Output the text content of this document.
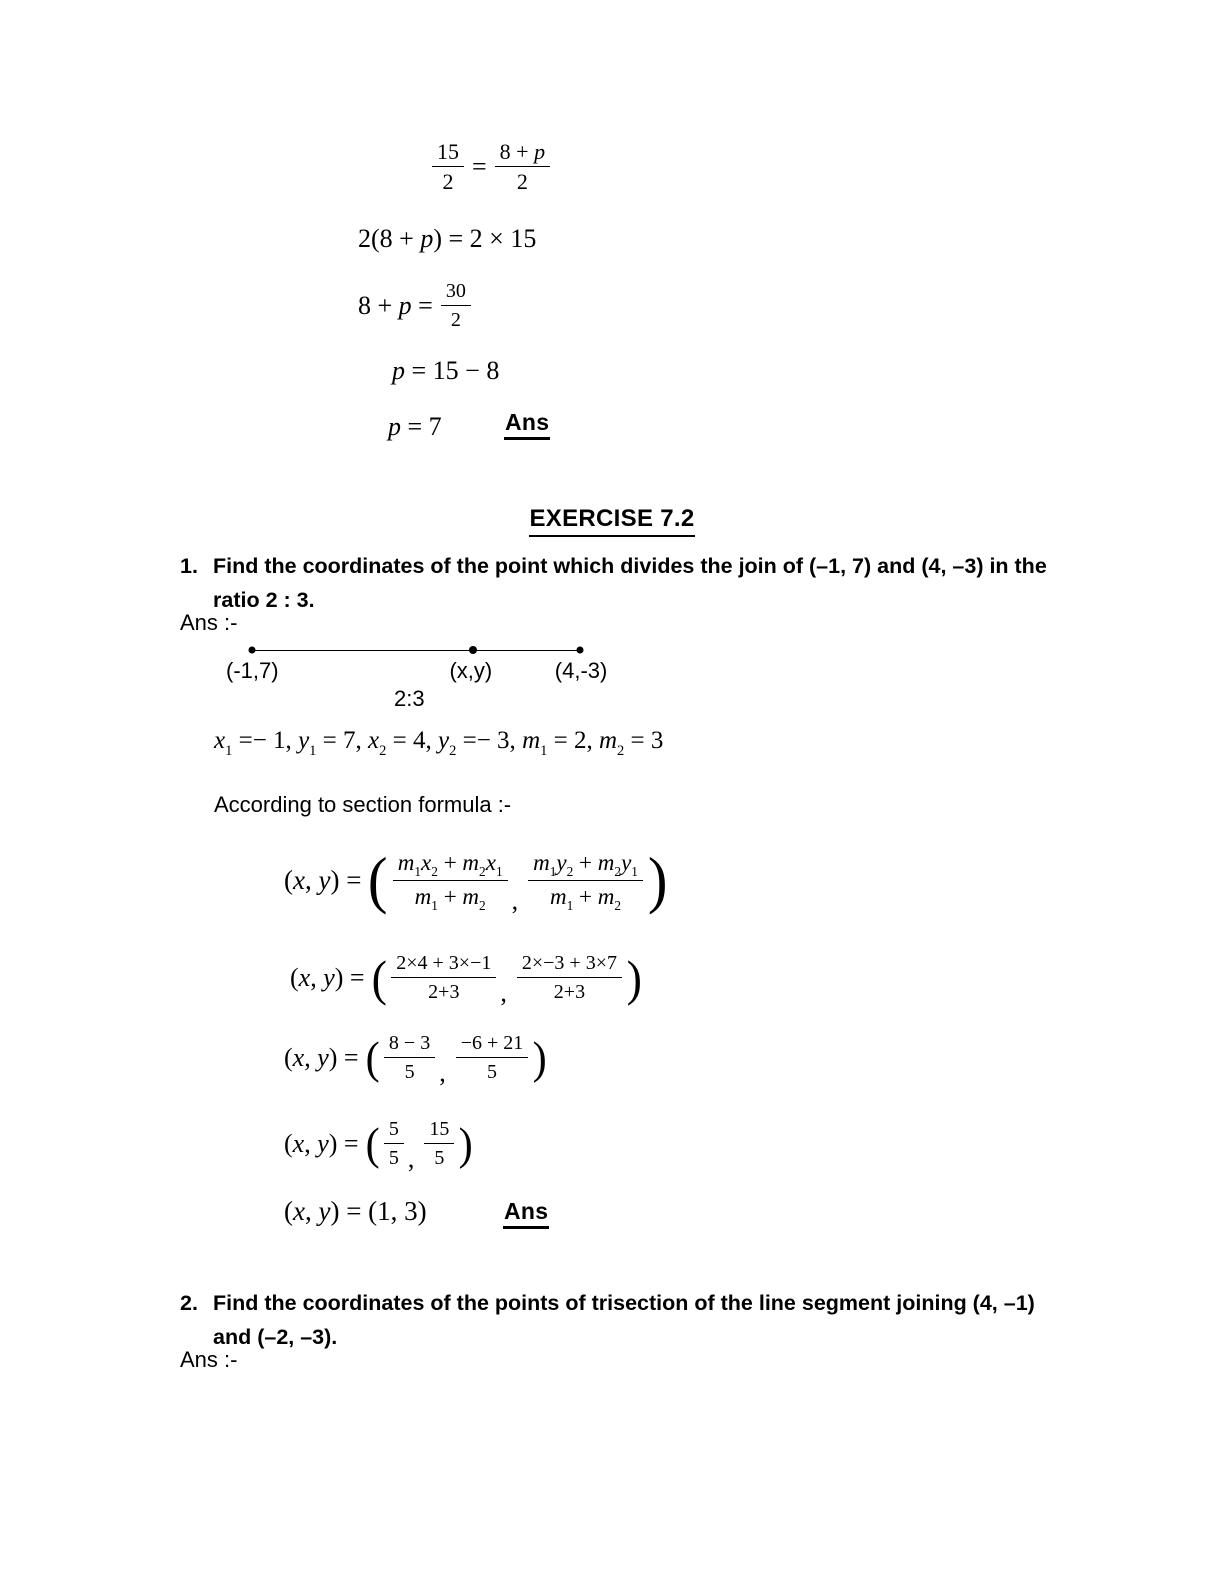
$\frac{15}{2} = \frac{8 + p}{2}$
2(8 + p) = 2 × 15
$8 + p = \frac{30}{2}$
p = 15 − 8
p = 7	Ans
EXERCISE 7.2
1. Find the coordinates of the point which divides the join of (–1, 7) and (4, –3) in the ratio 2 : 3.
Ans :-
(-1,7)	(x,y)	(4,-3)
2:3
$x_1 =- 1$, $y_1 = 7$, $x_2 = 4$, $y_2 =- 3$, $m_1 = 2$, $m_2 = 3$
According to section formula :-
(x, y) = ( $\frac{m_1x_2 + m_2x_1}{m_1 + m_2}$ , $\frac{m_1y_2 + m_2y_1}{m_1 + m_2}$ )
(x, y) = ( $\frac{2\times 4 + 3\times-1}{2+3}$ , $\frac{2\times-3 + 3\times 7}{2+3}$ )
(x, y) = ( $\frac{8 - 3}{5}$ , $\frac{-6 + 21}{5}$ )
(x, y) = ( $\frac{5}{5}$ , $\frac{15}{5}$ )
(x, y) = (1, 3)	Ans
2. Find the coordinates of the points of trisection of the line segment joining (4, –1) and (–2, –3).
Ans :-
